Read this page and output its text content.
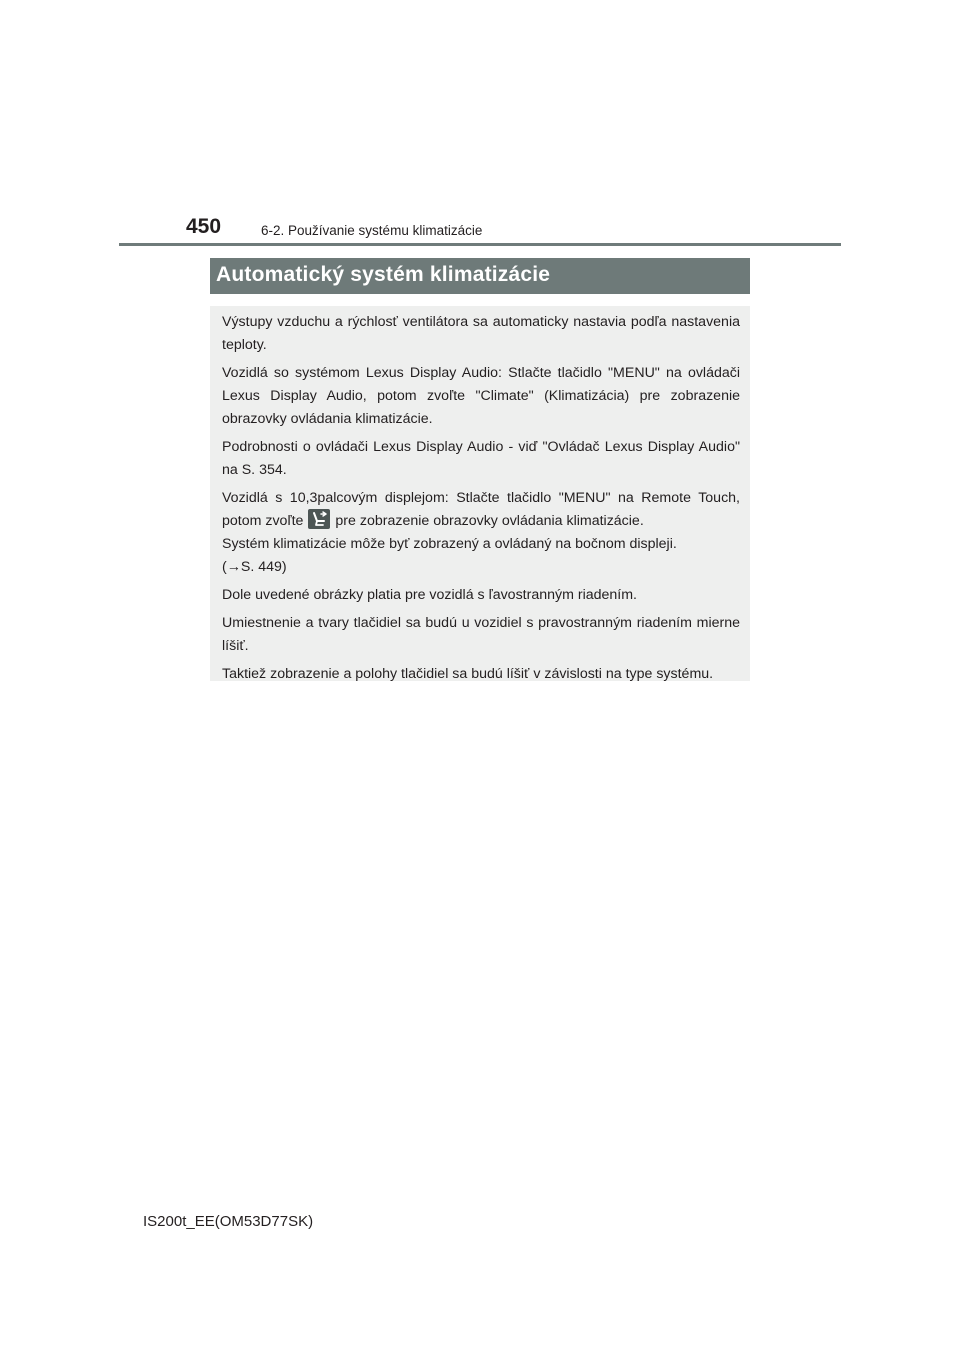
450	6-2. Používanie systému klimatizácie
Automatický systém klimatizácie

Výstupy vzduchu a rýchlosť ventilátora sa automaticky nastavia podľa nastavenia teploty.

Vozidlá so systémom Lexus Display Audio: Stlačte tlačidlo "MENU" na ovládači Lexus Display Audio, potom zvoľte "Climate" (Klimatizácia) pre zobrazenie obrazovky ovládania klimatizácie.

Podrobnosti o ovládači Lexus Display Audio - viď "Ovládač Lexus Display Audio" na S. 354.

Vozidlá s 10,3palcovým displejom: Stlačte tlačidlo "MENU" na Remote Touch, potom zvoľte pre zobrazenie obrazovky ovládania klimatizácie.

Systém klimatizácie môže byť zobrazený a ovládaný na bočnom displeji.

(→S. 449)

Dole uvedené obrázky platia pre vozidlá s ľavostranným riadením.

Umiestnenie a tvary tlačidiel sa budú u vozidiel s pravostranným riadením mierne líšiť.

Taktiež zobrazenie a polohy tlačidiel sa budú líšiť v závislosti na type systému.

IS200t_EE(OM53D77SK)
